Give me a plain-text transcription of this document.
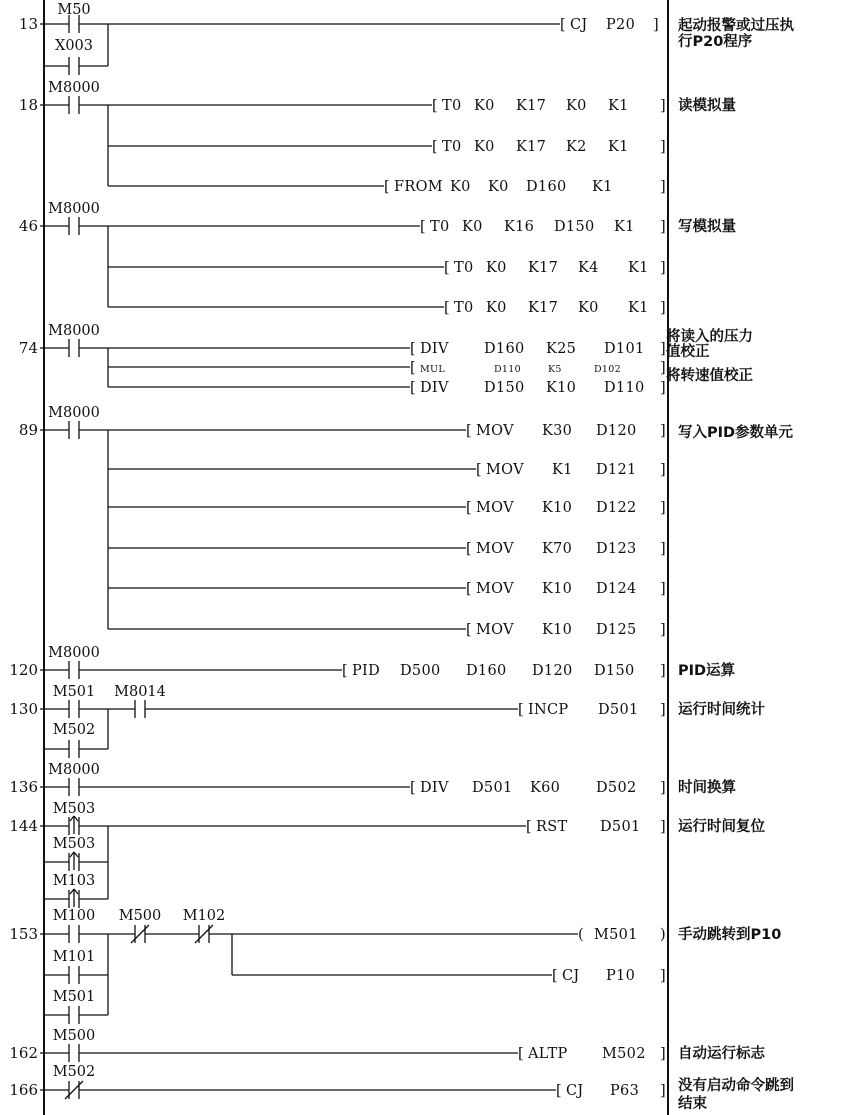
13
M50
X003
[ CJ P20 ] 起动报警或过压执
行P20程序
18
M8000
[ T0 K0 K17 K0 K1 ]
[ T0 K0 K17 K2 K1 ]
[ FROM K0 K0 D160 K1	]
读模拟量
46
M8000
[ T0 K0 K16 D150 K1 ]
[ T0 K0 K17 K4 K1 ]
[ T0 K0 K17 K0 K1 ]
写模拟量
74
M8000
[ DIV D160 K25 D101 ]
[ MUL	D110	K5	D102	]
[ DIV D150 K10 D110 ]
将读入的压力
值校正
将转速值校正
89
M8000
[ MOV K30 D120 ]
[ MOV K1 D121 ]
[ MOV K10 D122 ]
[ MOV K70 D123 ]
[ MOV K10 D124 ]
[ MOV K10 D125 ]
写入PID参数单元
120
M8000
[ PID D500 D160 D120 D150 ] PID运算
130
M501 M8014
M502
[ INCP D501 ] 运行时间统计
136
M8000
[ DIV D501 K60 D502 ] 时间换算
144
M503
M503
M103
[ RST D501 ] 运行时间复位
153
M100 M500 M102
M101
M501
( M501 )
[ CJ P10 ]
手动跳转到P10
162
M500
[ ALTP M502 ] 自动运行标志
166
M502
[ CJ P63 ] 没有启动命令跳到
结束
